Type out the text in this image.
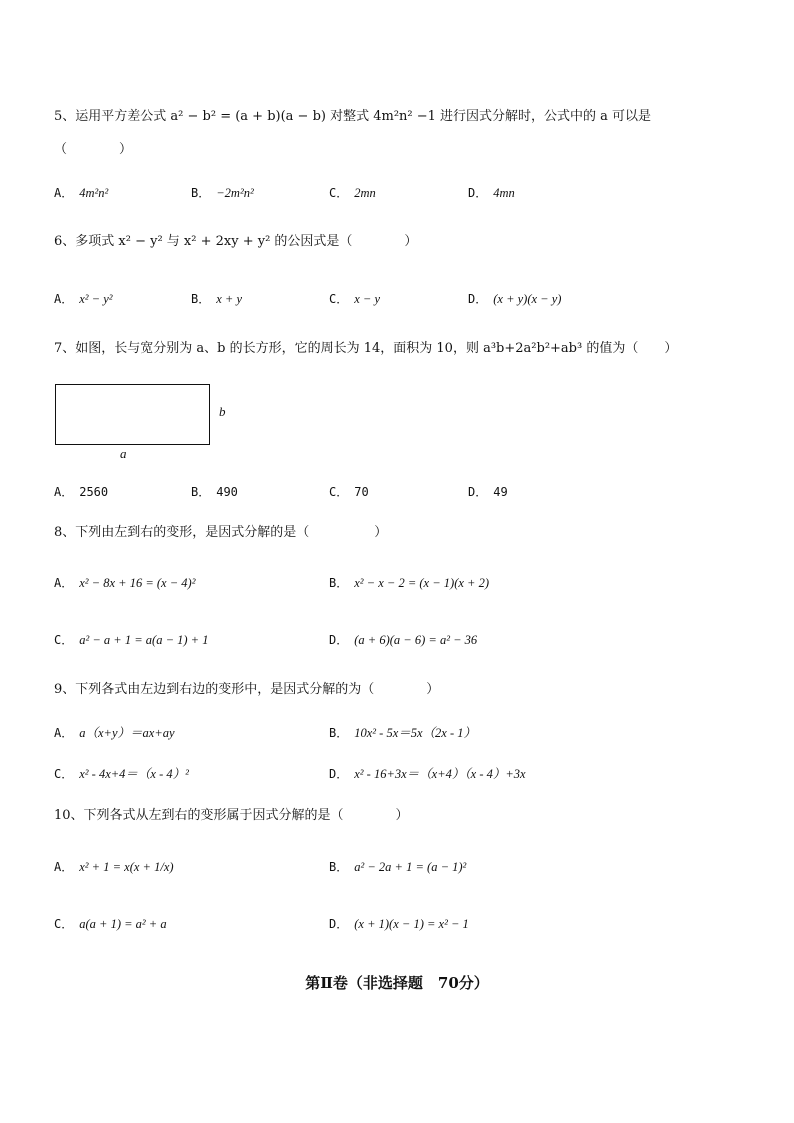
5、运用平方差公式 a² − b² = (a + b)(a − b) 对整式 4m²n² −1 进行因式分解时，公式中的 a 可以是
（　　　　）
A． 4m²n²	B． −2m²n²	C． 2mn	D． 4mn
6、多项式 x² − y² 与 x² + 2xy + y² 的公因式是（　　　　）
A． x² − y²	B． x + y	C． x − y	D． (x + y)(x − y)
7、如图，长与宽分别为 a、b 的长方形，它的周长为 14，面积为 10，则 a³b+2a²b²+ab³ 的值为（　　）
b
a
A． 2560	B． 490	C． 70	D． 49
8、下列由左到右的变形，是因式分解的是（　　　　　）
A． x² − 8x + 16 = (x − 4)²	B． x² − x − 2 = (x − 1)(x + 2)
C． a² − a + 1 = a(a − 1) + 1	D． (a + 6)(a − 6) = a² − 36
9、下列各式由左边到右边的变形中，是因式分解的为（　　　　）
A． a（x+y）＝ax+ay	B． 10x² - 5x＝5x（2x - 1）
C． x² - 4x+4＝（x - 4）²	D． x² - 16+3x＝（x+4）（x - 4）+3x
10、下列各式从左到右的变形属于因式分解的是（　　　　）
A． x² + 1 = x(x + 1/x)	B． a² − 2a + 1 = (a − 1)²
C． a(a + 1) = a² + a	D． (x + 1)(x − 1) = x² − 1
第Ⅱ卷（非选择题　70分）
